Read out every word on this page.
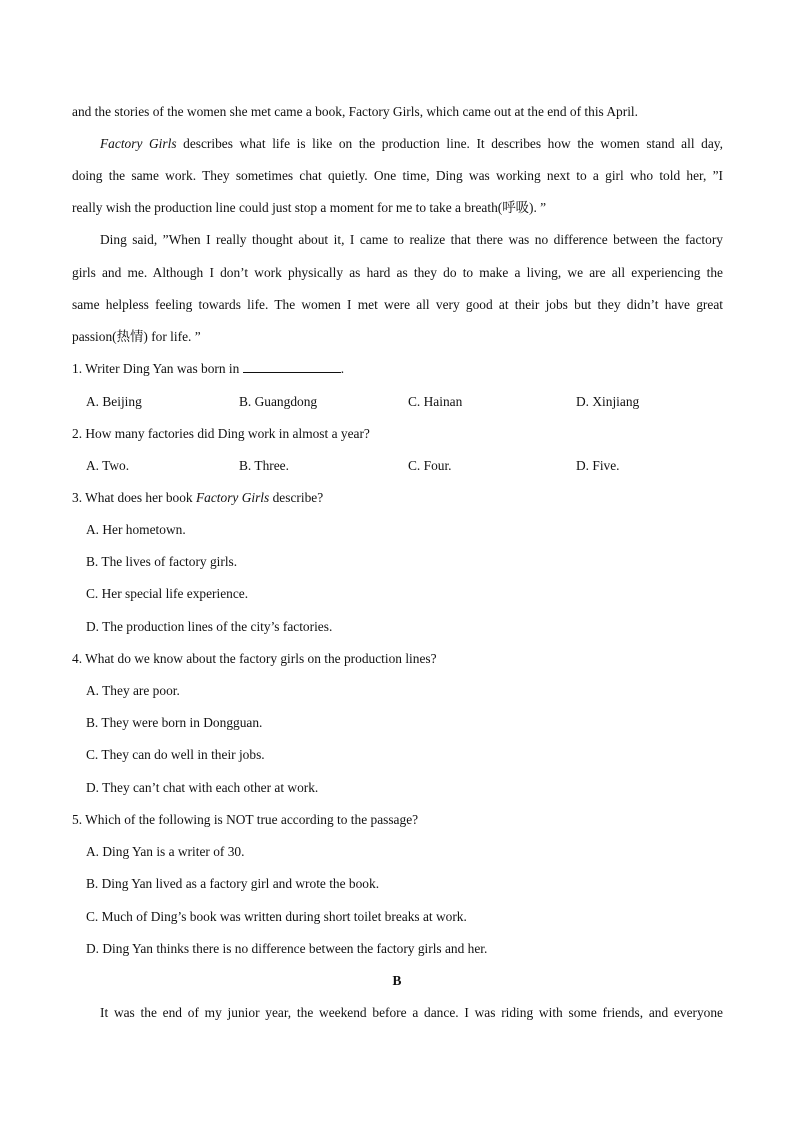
and the stories of the women she met came a book, Factory Girls, which came out at the end of this April.
Factory Girls describes what life is like on the production line. It describes how the women stand all day,
doing the same work. They sometimes chat quietly. One time, Ding was working next to a girl who told her, ”I
really wish the production line could just stop a moment for me to take a breath(呼吸). ”
Ding said, ”When I really thought about it, I came to realize that there was no difference between the factory
girls and me. Although I don’t work physically as hard as they do to make a living, we are all experiencing the
same helpless feeling towards life. The women I met were all very good at their jobs but they didn’t have great
passion(热情) for life. ”
1. Writer Ding Yan was born in	.
A. Beijing	B. Guangdong	C. Hainan	D. Xinjiang
2. How many factories did Ding work in almost a year?
A. Two.	B. Three.	C. Four.	D. Five.
3. What does her book Factory Girls describe?
A. Her hometown.
B. The lives of factory girls.
C. Her special life experience.
D. The production lines of the city’s factories.
4. What do we know about the factory girls on the production lines?
A. They are poor.
B. They were born in Dongguan.
C. They can do well in their jobs.
D. They can’t chat with each other at work.
5. Which of the following is NOT true according to the passage?
A. Ding Yan is a writer of 30.
B. Ding Yan lived as a factory girl and wrote the book.
C. Much of Ding’s book was written during short toilet breaks at work.
D. Ding Yan thinks there is no difference between the factory girls and her.
B
It was the end of my junior year, the weekend before a dance. I was riding with some friends, and everyone
